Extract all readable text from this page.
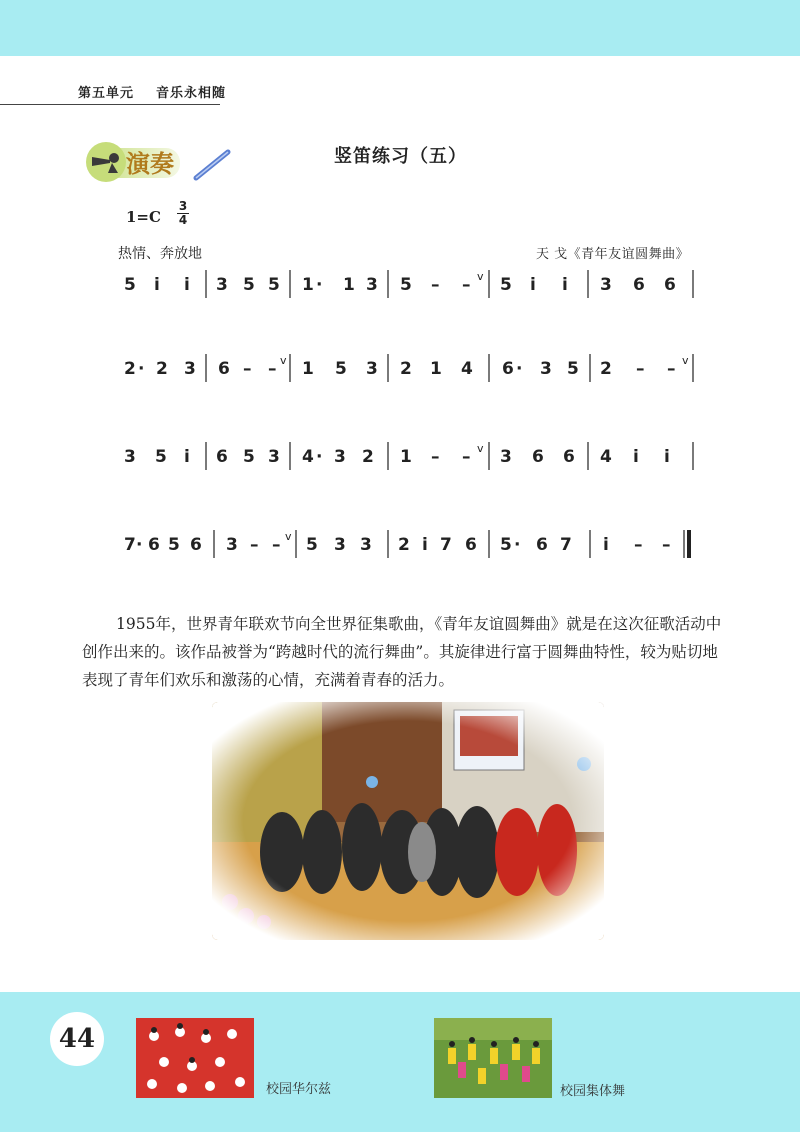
第五单元 音乐永相随
演奏	竖笛练习（五）
1=C
3
4
热情、奔放地	天 戈《青年友谊圆舞曲》
5 i i 3 5 5 1 · 1 3 5 – – v 5 i i 3 6 6
2 · 2 3 6 – – v 1 5 3 2 1 4 6 · 3 5 2 – – v
3 5 i 6 5 3 4 · 3 2 1 – – v 3 6 6 4 i i
7 · 6 5 6 3 – – v 5 3 3 2 i 7 6 5 · 6 7 i – –
1955年，世界青年联欢节向全世界征集歌曲，《青年友谊圆舞曲》就是在这次征歌活动中创作出来的。该作品被誉为“跨越时代的流行舞曲”。其旋律进行富于圆舞曲特性，较为贴切地表现了青年们欢乐和激荡的心情，充满着青春的活力。
44
校园华尔兹	校园集体舞
